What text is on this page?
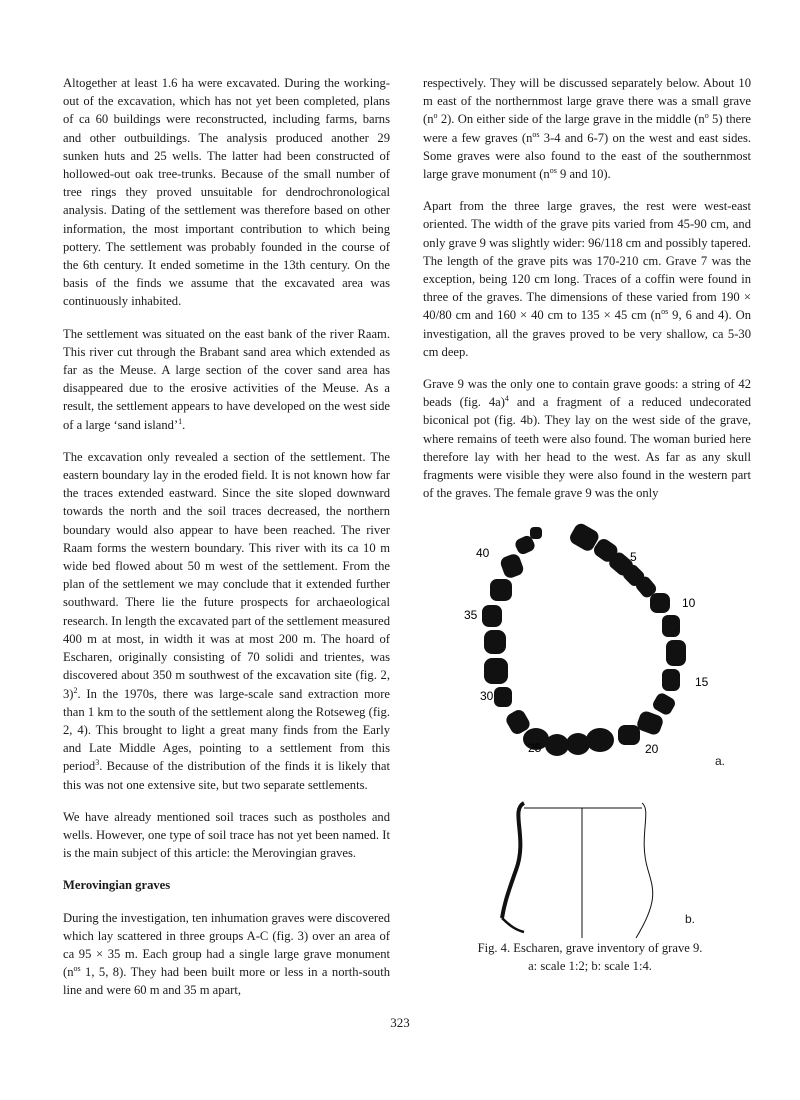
Altogether at least 1.6 ha were excavated. During the working-out of the excavation, which has not yet been completed, plans of ca 60 buildings were reconstructed, including farms, barns and other outbuildings. The analysis produced another 29 sunken huts and 25 wells. The latter had been constructed of hollowed-out oak tree-trunks. Because of the small number of tree rings they proved unsuitable for dendrochronological analysis. Dating of the settlement was therefore based on other information, the most important contribution to which being pottery. The settlement was probably founded in the course of the 6th century. It ended sometime in the 13th century. On the basis of the finds we assume that the excavated area was continuously inhabited.

The settlement was situated on the east bank of the river Raam. This river cut through the Brabant sand area which extended as far as the Meuse. A large section of the cover sand area has disappeared due to the erosive activities of the Meuse. As a result, the settlement appears to have developed on the west side of a large ‘sand island’$^1$.

The excavation only revealed a section of the settlement. The eastern boundary lay in the eroded field. It is not known how far the traces extended eastward. Since the site sloped downward towards the north and the soil traces decreased, the northern boundary would also appear to have been reached. The river Raam forms the western boundary. This river with its ca 10 m wide bed flowed about 50 m west of the settlement. From the plan of the settlement we may conclude that it extended further southward. There lie the future prospects for archaeological research. In length the excavated part of the settlement measured 400 m at most, in width it was at most 200 m. The hoard of Escharen, originally consisting of 70 solidi and trientes, was discovered about 350 m southwest of the excavation site (fig. 2, 3)$^2$. In the 1970s, there was large-scale sand extraction more than 1 km to the south of the settlement along the Rotseweg (fig. 2, 4). This brought to light a great many finds from the Early and Late Middle Ages, pointing to a settlement from this period$^3$. Because of the distribution of the finds it is likely that this was not one extensive site, but two separate settlements.

We have already mentioned soil traces such as postholes and wells. However, one type of soil trace has not yet been named. It is the main subject of this article: the Merovingian graves.

Merovingian graves

During the investigation, ten inhumation graves were discovered which lay scattered in three groups A-C (fig. 3) over an area of ca 95 × 35 m. Each group had a single large grave monument ($n^{os}$ 1, 5, 8). They had been built more or less in a north-south line and were 60 m and 35 m apart,

respectively. They will be discussed separately below. About 10 m east of the northernmost large grave there was a small grave ($n^o$ 2). On either side of the large grave in the middle ($n^o$ 5) there were a few graves ($n^{os}$ 3-4 and 6-7) on the west and east sides. Some graves were also found to the east of the southernmost large grave monument ($n^{os}$ 9 and 10).

Apart from the three large graves, the rest were west-east oriented. The width of the grave pits varied from 45-90 cm, and only grave 9 was slightly wider: 96/118 cm and possibly tapered. The length of the grave pits was 170-210 cm. Grave 7 was the exception, being 120 cm long. Traces of a coffin were found in three of the graves. The dimensions of these varied from 190 × 40/80 cm and 160 × 40 cm to 135 × 45 cm ($n^{os}$ 9, 6 and 4). On investigation, all the graves proved to be very shallow, ca 5-30 cm deep.

Grave 9 was the only one to contain grave goods: a string of 42 beads (fig. 4a)$^4$ and a fragment of a reduced undecorated biconical pot (fig. 4b). They lay on the west side of the grave, where remains of teeth were also found. The woman buried here therefore lay with her head to the west. As far as any skull fragments were visible they were also found in the western part of the graves. The female grave 9 was the only

5
10
15
20
25
30
35
40
a.
b.
Fig. 4. Escharen, grave inventory of grave 9.
a: scale 1:2; b: scale 1:4.
323
